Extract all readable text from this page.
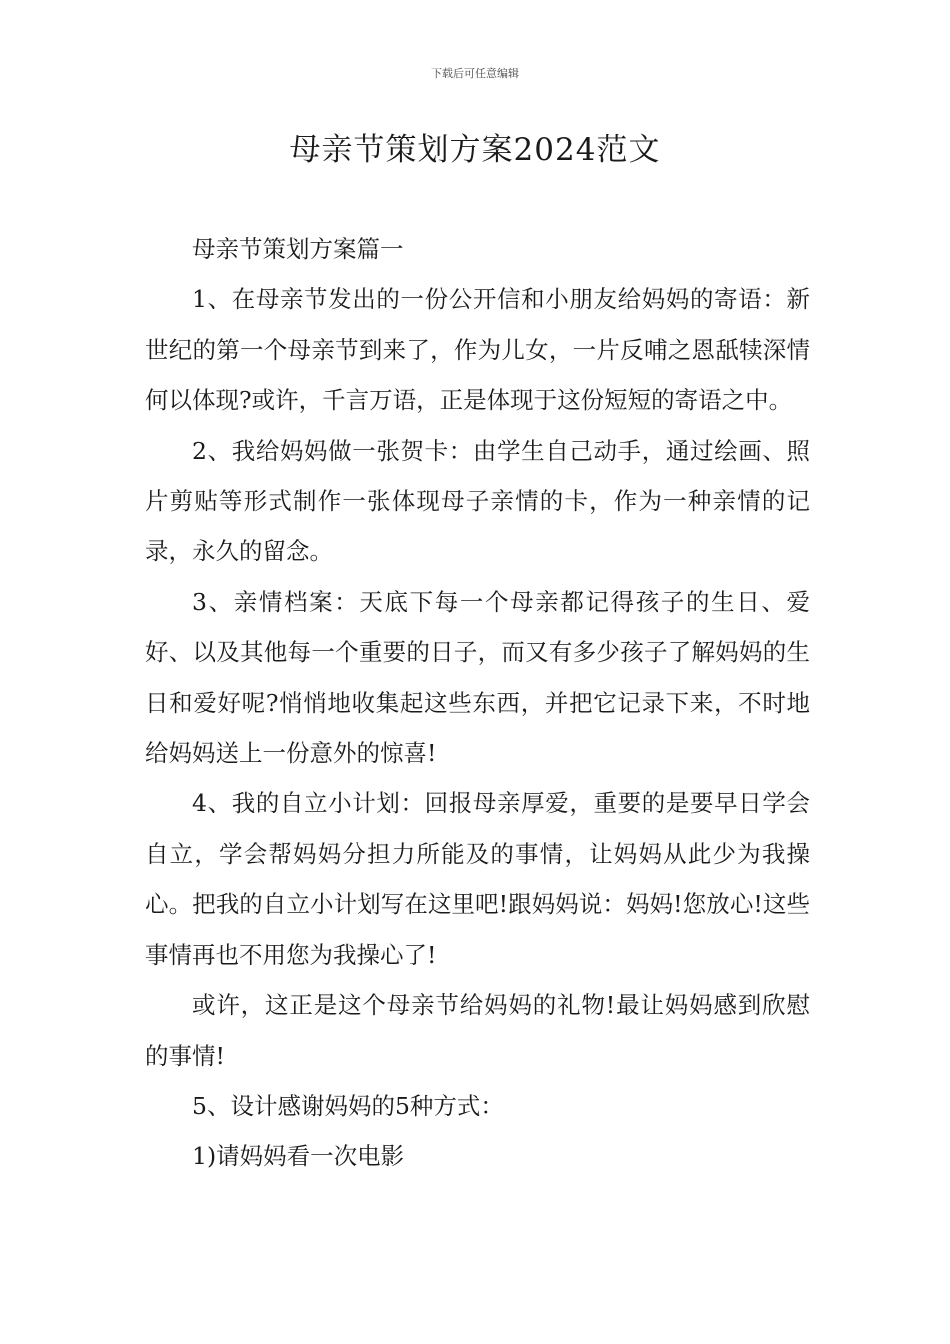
下载后可任意编辑
母亲节策划方案2024范文

母亲节策划方案篇一

1、在母亲节发出的一份公开信和小朋友给妈妈的寄语：新世纪的第一个母亲节到来了，作为儿女，一片反哺之恩舐犊深情何以体现?或许，千言万语，正是体现于这份短短的寄语之中。

2、我给妈妈做一张贺卡：由学生自己动手，通过绘画、照片剪贴等形式制作一张体现母子亲情的卡，作为一种亲情的记录，永久的留念。

3、亲情档案：天底下每一个母亲都记得孩子的生日、爱好、以及其他每一个重要的日子，而又有多少孩子了解妈妈的生日和爱好呢?悄悄地收集起这些东西，并把它记录下来，不时地给妈妈送上一份意外的惊喜!

4、我的自立小计划：回报母亲厚爱，重要的是要早日学会自立，学会帮妈妈分担力所能及的事情，让妈妈从此少为我操心。把我的自立小计划写在这里吧!跟妈妈说：妈妈!您放心!这些事情再也不用您为我操心了!

或许，这正是这个母亲节给妈妈的礼物!最让妈妈感到欣慰的事情!

5、设计感谢妈妈的5种方式：

1)请妈妈看一次电影
